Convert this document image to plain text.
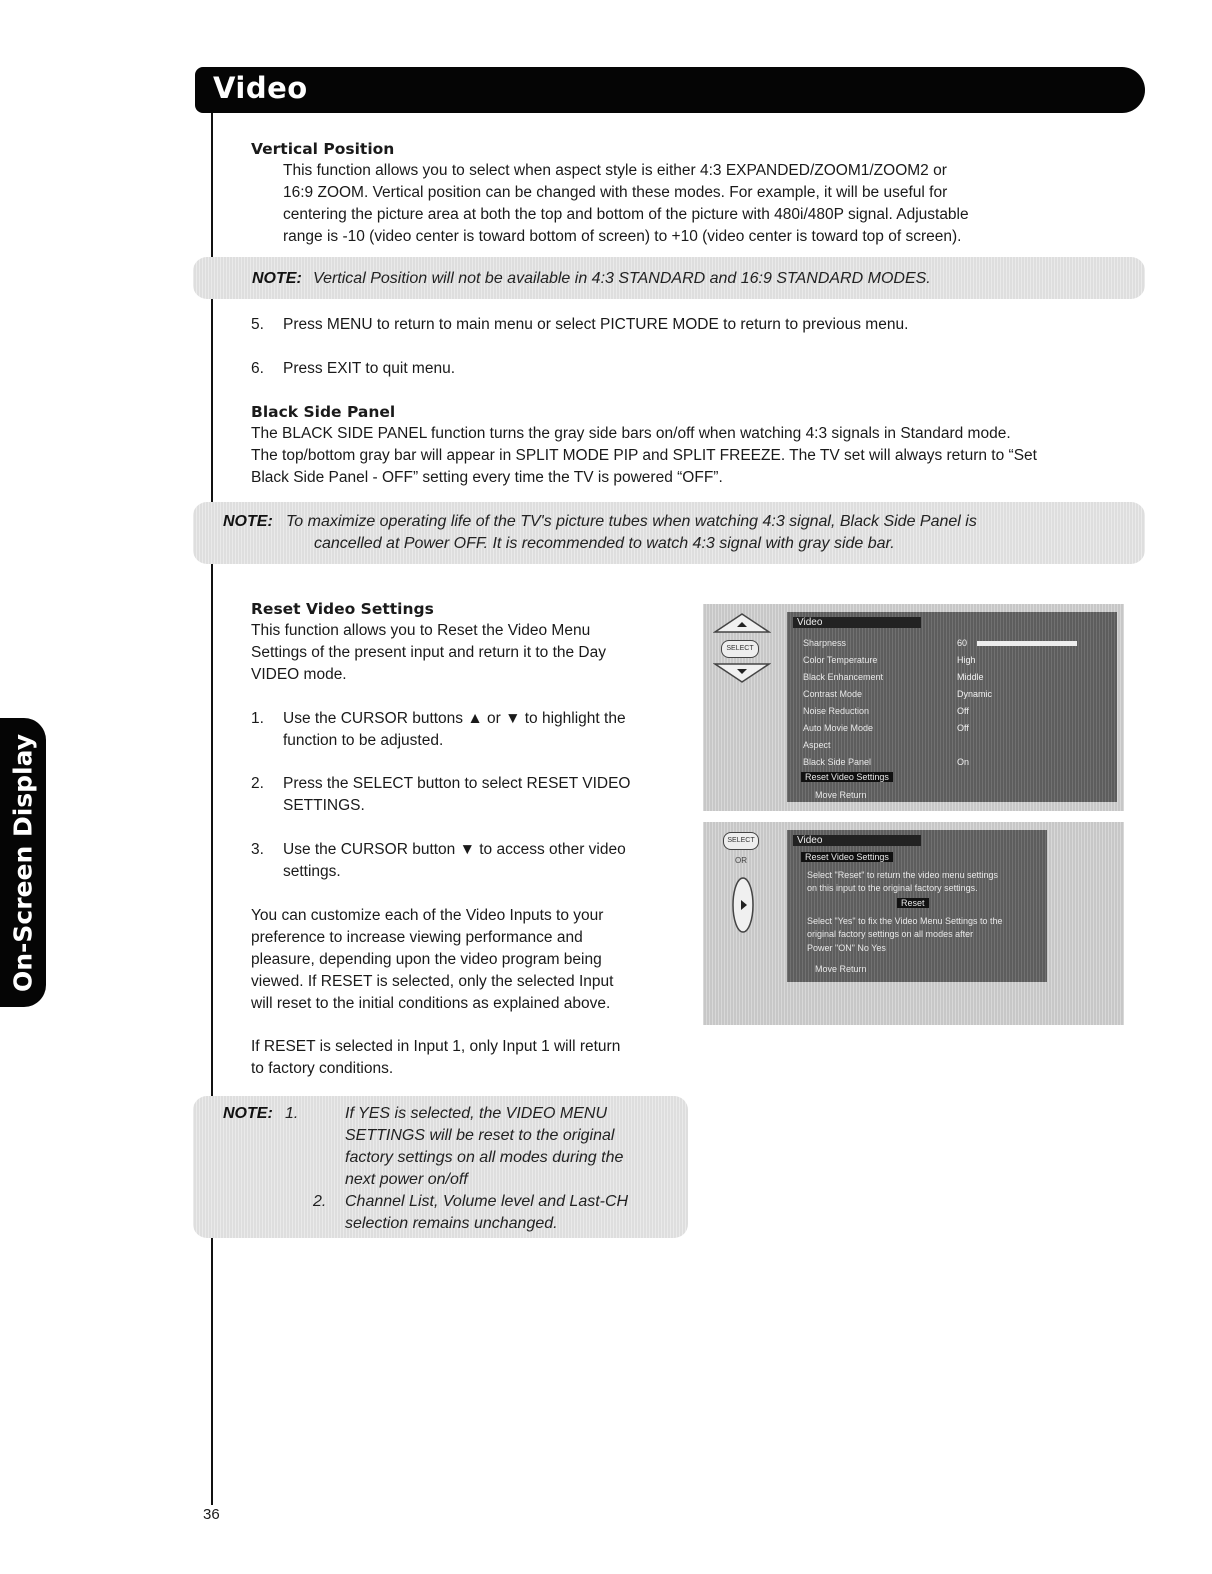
Video
On-Screen Display
Vertical Position
This function allows you to select when aspect style is either 4:3 EXPANDED/ZOOM1/ZOOM2 or
16:9 ZOOM. Vertical position can be changed with these modes. For example, it will be useful for
centering the picture area at both the top and bottom of the picture with 480i/480P signal. Adjustable
range is -10 (video center is toward bottom of screen) to +10 (video center is toward top of screen).
NOTE: Vertical Position will not be available in 4:3 STANDARD and 16:9 STANDARD MODES.
5. Press MENU to return to main menu or select PICTURE MODE to return to previous menu.
6. Press EXIT to quit menu.
Black Side Panel
The BLACK SIDE PANEL function turns the gray side bars on/off when watching 4:3 signals in Standard mode.
The top/bottom gray bar will appear in SPLIT MODE PIP and SPLIT FREEZE. The TV set will always return to “Set
Black Side Panel - OFF” setting every time the TV is powered “OFF”.
NOTE: To maximize operating life of the TV's picture tubes when watching 4:3 signal, Black Side Panel is
cancelled at Power OFF. It is recommended to watch 4:3 signal with gray side bar.
Reset Video Settings
This function allows you to Reset the Video Menu
Settings of the present input and return it to the Day
VIDEO mode.
1. Use the CURSOR buttons ▲ or ▼ to highlight the
function to be adjusted.
2. Press the SELECT button to select RESET VIDEO
SETTINGS.
3. Use the CURSOR button ▼ to access other video
settings.
You can customize each of the Video Inputs to your
preference to increase viewing performance and
pleasure, depending upon the video program being
viewed. If RESET is selected, only the selected Input
will reset to the initial conditions as explained above.
If RESET is selected in Input 1, only Input 1 will return
to factory conditions.
NOTE: 1.	If YES is selected, the VIDEO MENU
SETTINGS will be reset to the original
factory settings on all modes during the
next power on/off
2. Channel List, Volume level and Last-CH
selection remains unchanged.
SELECT
Video
Sharpness	60
Color Temperature	High
Black Enhancement	Middle
Contrast Mode	Dynamic
Noise Reduction	Off
Auto Movie Mode	Off
Aspect
Black Side Panel	On
Reset Video Settings
Move Return
SELECT
OR
Video
Reset Video Settings
Select "Reset" to return the video menu settings
on this input to the original factory settings.
Reset
Select "Yes" to fix the Video Menu Settings to the
original factory settings on all modes after
Power "ON" No Yes
Move Return
36
